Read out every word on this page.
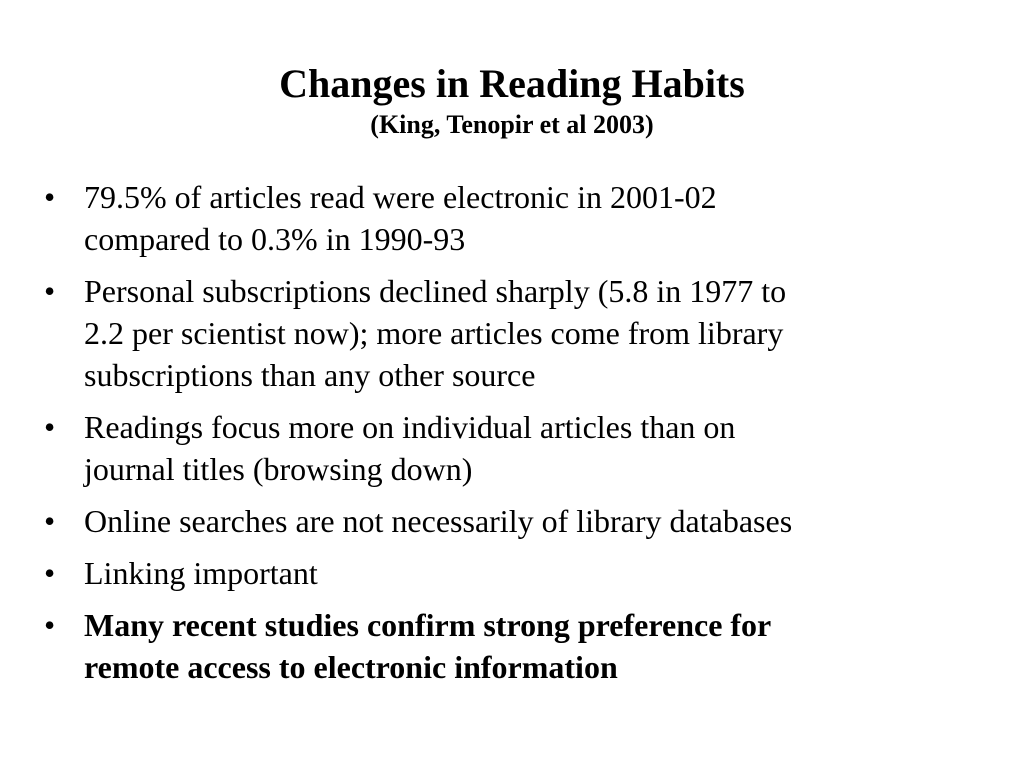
Changes in Reading Habits
(King, Tenopir et al 2003)
• 79.5% of articles read were electronic in 2001-02
compared to 0.3% in 1990-93
• Personal subscriptions declined sharply (5.8 in 1977 to
2.2 per scientist now); more articles come from library
subscriptions than any other source
• Readings focus more on individual articles than on
journal titles (browsing down)
• Online searches are not necessarily of library databases
• Linking important
• Many recent studies confirm strong preference for
remote access to electronic information
